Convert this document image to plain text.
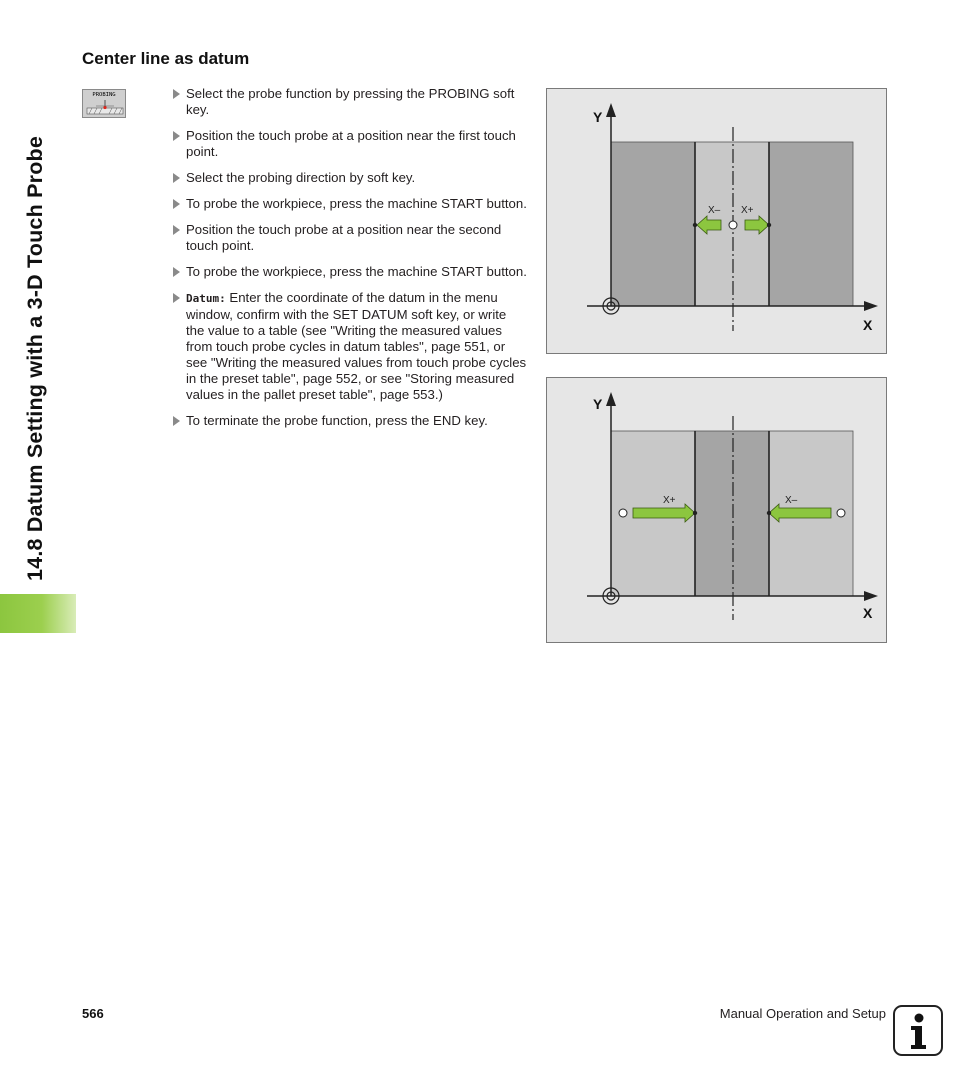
14.8 Datum Setting with a 3-D Touch Probe
Center line as datum
PROBING	Select the probe function by pressing the PROBING soft key.
Position the touch probe at a position near the first touch point.
Select the probing direction by soft key.
To probe the workpiece, press the machine START button.
Position the touch probe at a position near the second touch point.
To probe the workpiece, press the machine START button.
Datum: Enter the coordinate of the datum in the menu window, confirm with the SET DATUM soft key, or write the value to a table (see "Writing the measured values from touch probe cycles in datum tables", page 551, or see "Writing the measured values from touch probe cycles in the preset table", page 552, or see "Storing measured values in the pallet preset table", page 553.)
To terminate the probe function, press the END key.
Y
X
X– X+
Y
X
X+	X–
566	Manual Operation and Setup
